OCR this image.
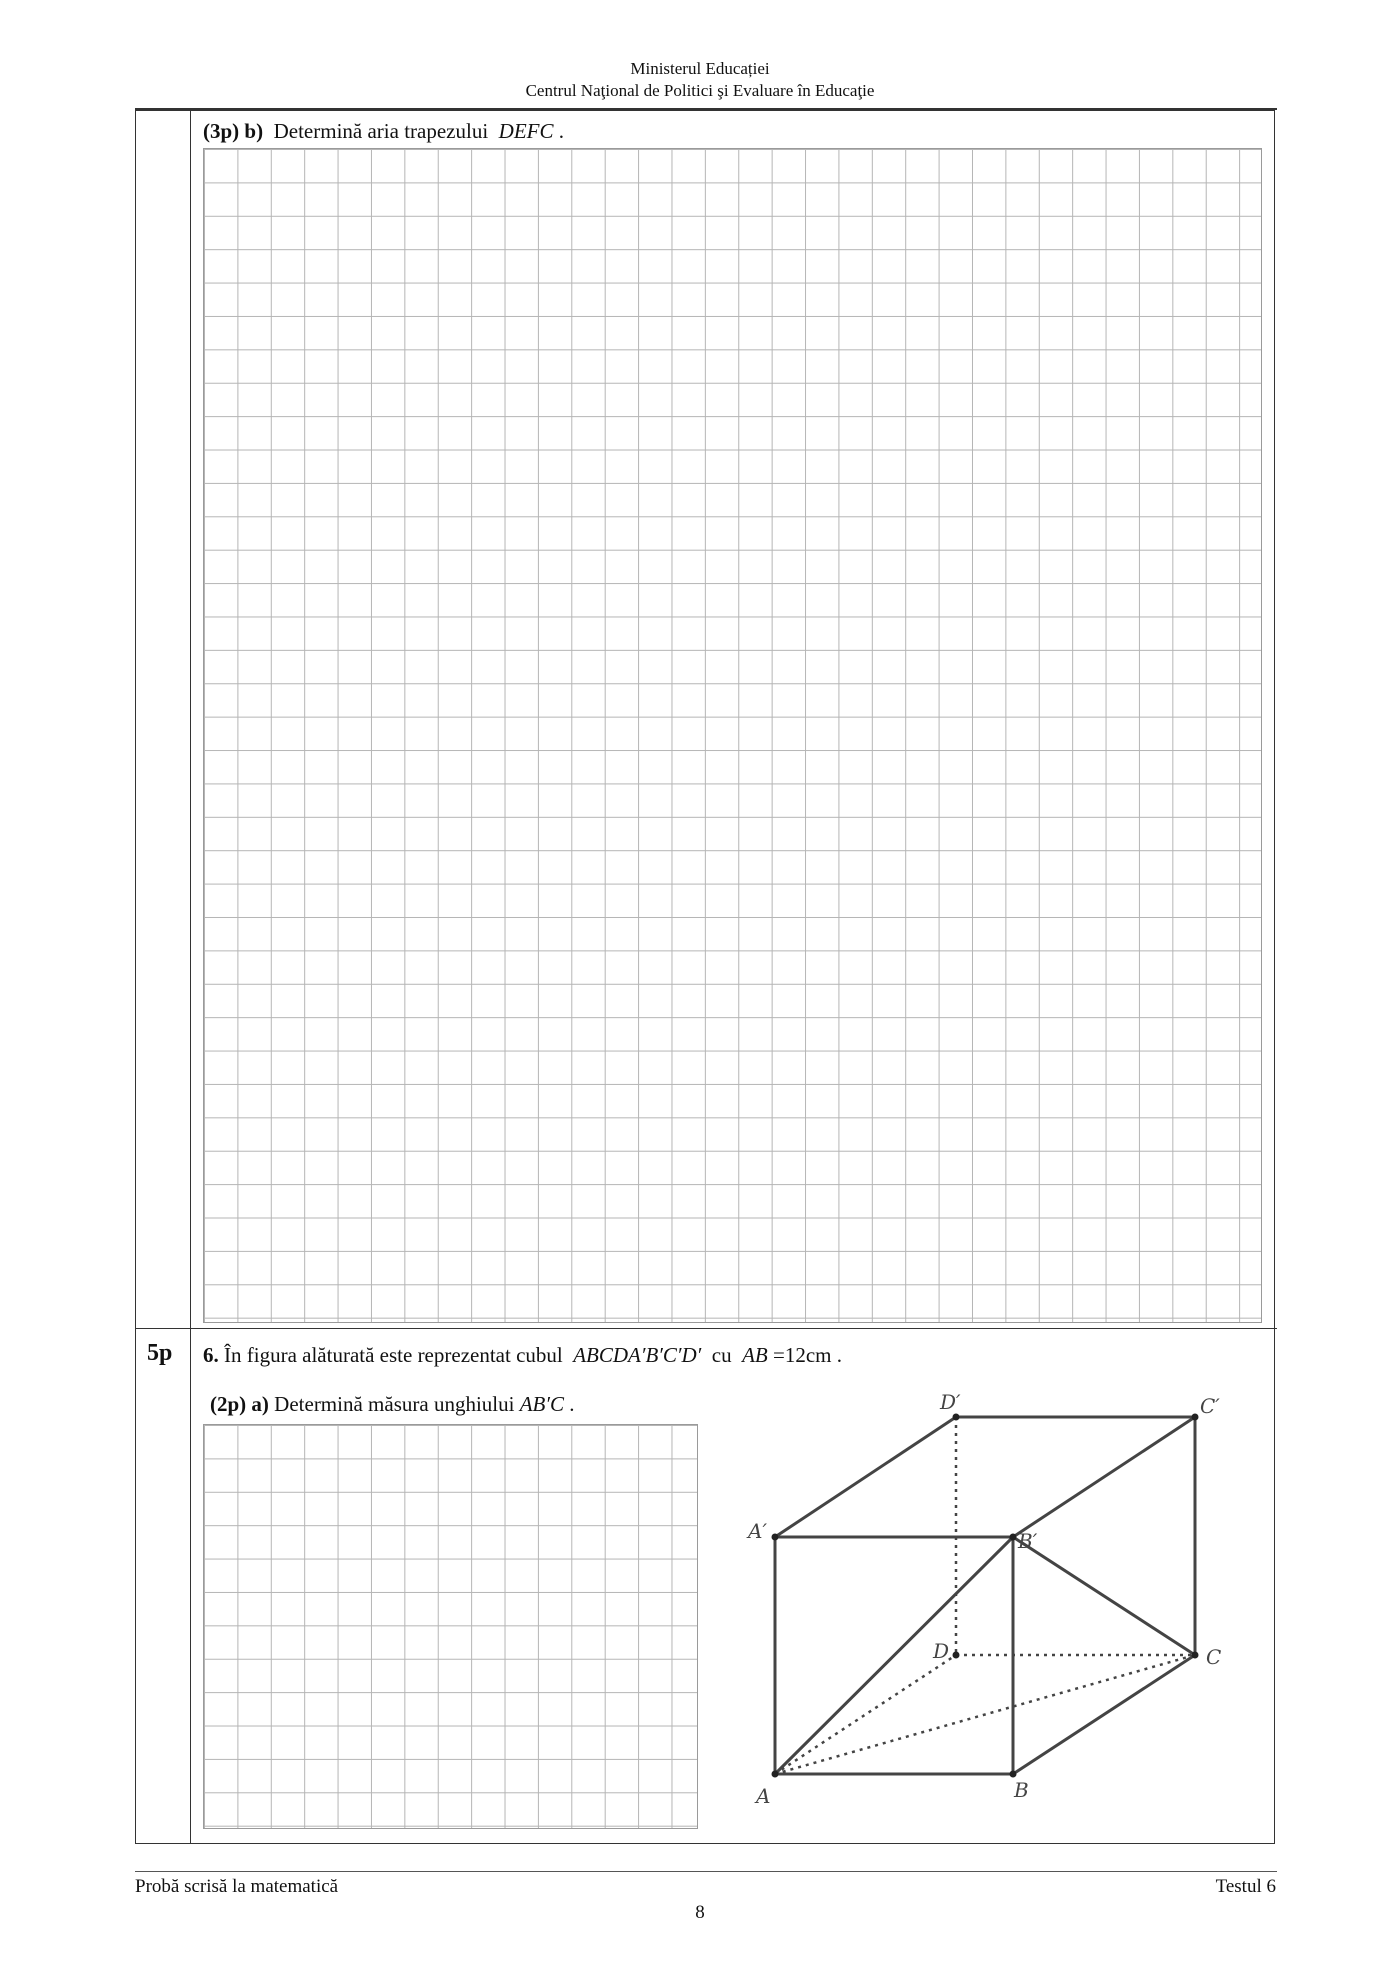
Ministerul Educației
Centrul Naţional de Politici şi Evaluare în Educaţie
(3p) b) Determină aria trapezului DEFC .
5p 6. În figura alăturată este reprezentat cubul ABCDA′B′C′D′ cu AB =12cm .
(2p) a) Determină măsura unghiului AB′C .	D′	C′
A′	B′
D	C
A	B
Probă scrisă la matematică	Testul 6
8
